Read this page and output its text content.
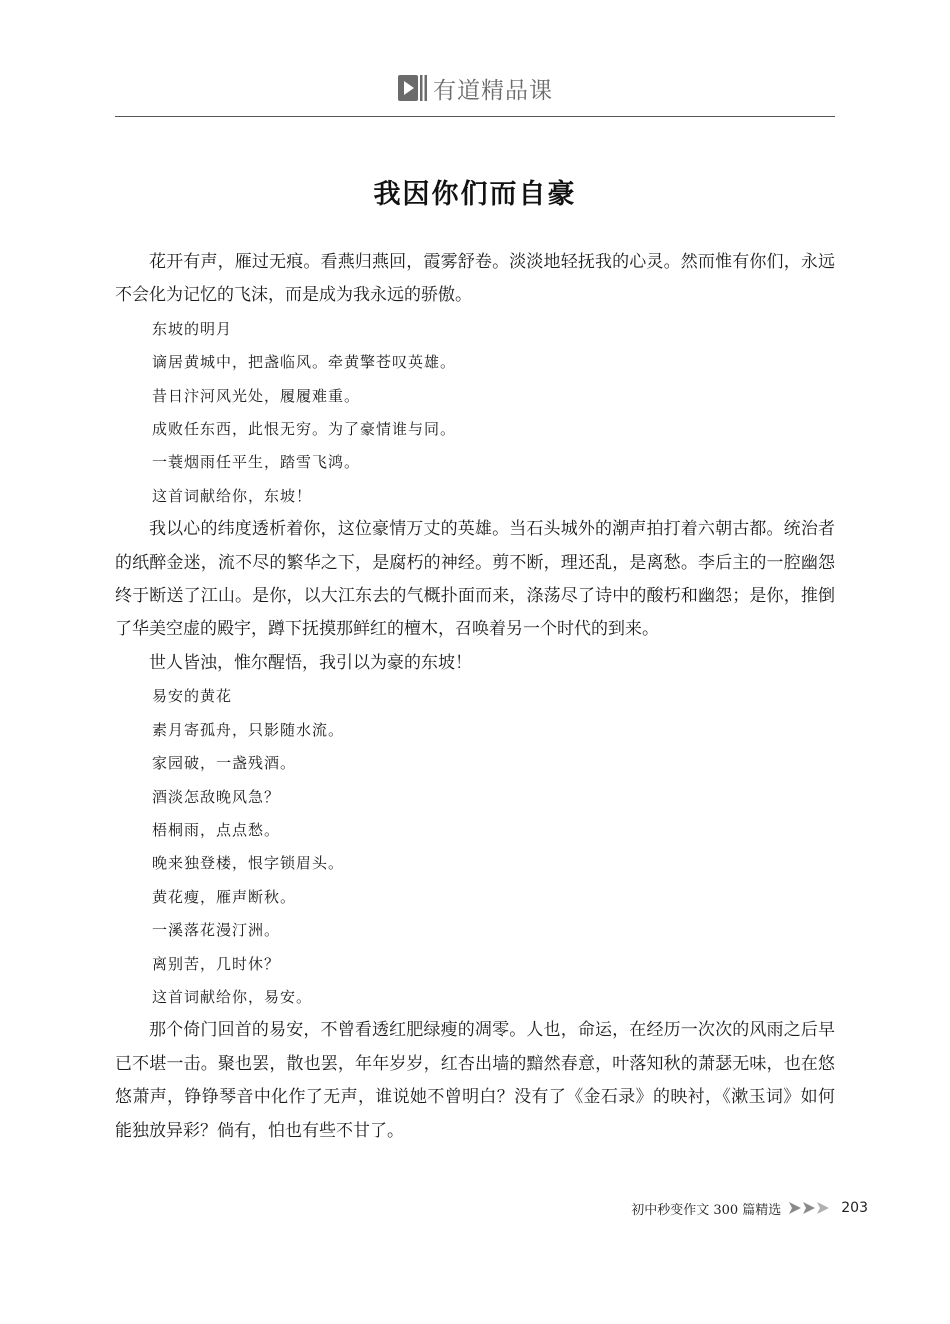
有道精品课
我因你们而自豪

花开有声，雁过无痕。看燕归燕回，霞雾舒卷。淡淡地轻抚我的心灵。然而惟有你们，永远不会化为记忆的飞沫，而是成为我永远的骄傲。

东坡的明月

谪居黄城中，把盏临风。牵黄擎苍叹英雄。

昔日汴河风光处，履履难重。

成败任东西，此恨无穷。为了豪情谁与同。

一蓑烟雨任平生，踏雪飞鸿。

这首词献给你，东坡！

我以心的纬度透析着你，这位豪情万丈的英雄。当石头城外的潮声拍打着六朝古都。统治者的纸醉金迷，流不尽的繁华之下，是腐朽的神经。剪不断，理还乱，是离愁。李后主的一腔幽怨终于断送了江山。是你，以大江东去的气概扑面而来，涤荡尽了诗中的酸朽和幽怨；是你，推倒了华美空虚的殿宇，蹲下抚摸那鲜红的檀木，召唤着另一个时代的到来。

世人皆浊，惟尔醒悟，我引以为豪的东坡！

易安的黄花

素月寄孤舟，只影随水流。

家园破，一盏残酒。

酒淡怎敌晚风急？

梧桐雨，点点愁。

晚来独登楼，恨字锁眉头。

黄花瘦，雁声断秋。

一溪落花漫汀洲。

离别苦，几时休？

这首词献给你，易安。

那个倚门回首的易安，不曾看透红肥绿瘦的凋零。人也，命运，在经历一次次的风雨之后早已不堪一击。聚也罢，散也罢，年年岁岁，红杏出墙的黯然春意，叶落知秋的萧瑟无味，也在悠悠萧声，铮铮琴音中化作了无声，谁说她不曾明白？没有了《金石录》的映衬，《漱玉词》如何能独放异彩？倘有，怕也有些不甘了。

初中秒变作文 300 篇精选	203
